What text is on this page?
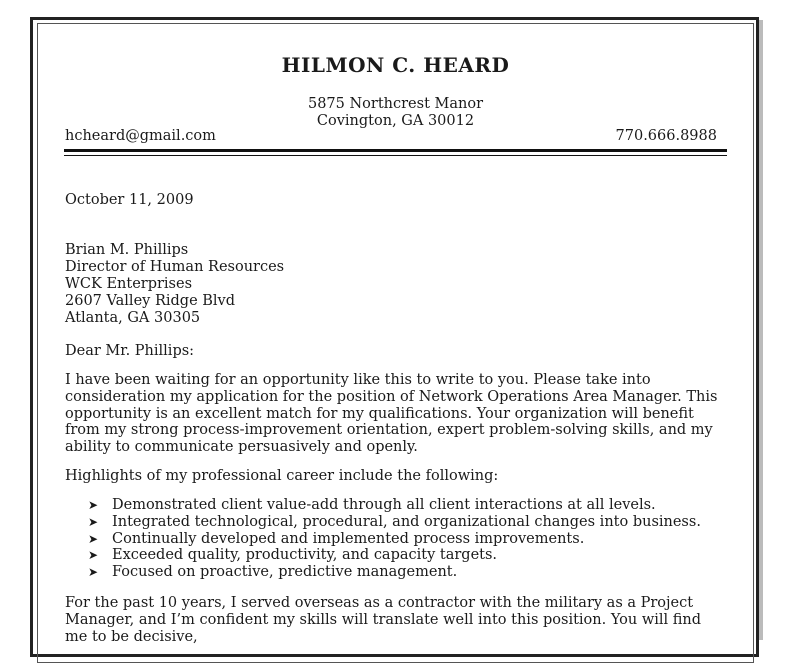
HILMON C. HEARD
5875 Northcrest Manor
Covington, GA 30012
hcheard@gmail.com	770.666.8988
October 11, 2009
Brian M. Phillips
Director of Human Resources
WCK Enterprises
2607 Valley Ridge Blvd
Atlanta, GA 30305
Dear Mr. Phillips:
I have been waiting for an opportunity like this to write to you. Please take into consideration my application for the position of Network Operations Area Manager. This opportunity is an excellent match for my qualifications. Your organization will benefit from my strong process-improvement orientation, expert problem-solving skills, and my ability to communicate persuasively and openly.
Highlights of my professional career include the following:
➤ Demonstrated client value-add through all client interactions at all levels.
➤ Integrated technological, procedural, and organizational changes into business.
➤ Continually developed and implemented process improvements.
➤ Exceeded quality, productivity, and capacity targets.
➤ Focused on proactive, predictive management.
For the past 10 years, I served overseas as a contractor with the military as a Project Manager, and I’m confident my skills will translate well into this position. You will find me to be decisive,
